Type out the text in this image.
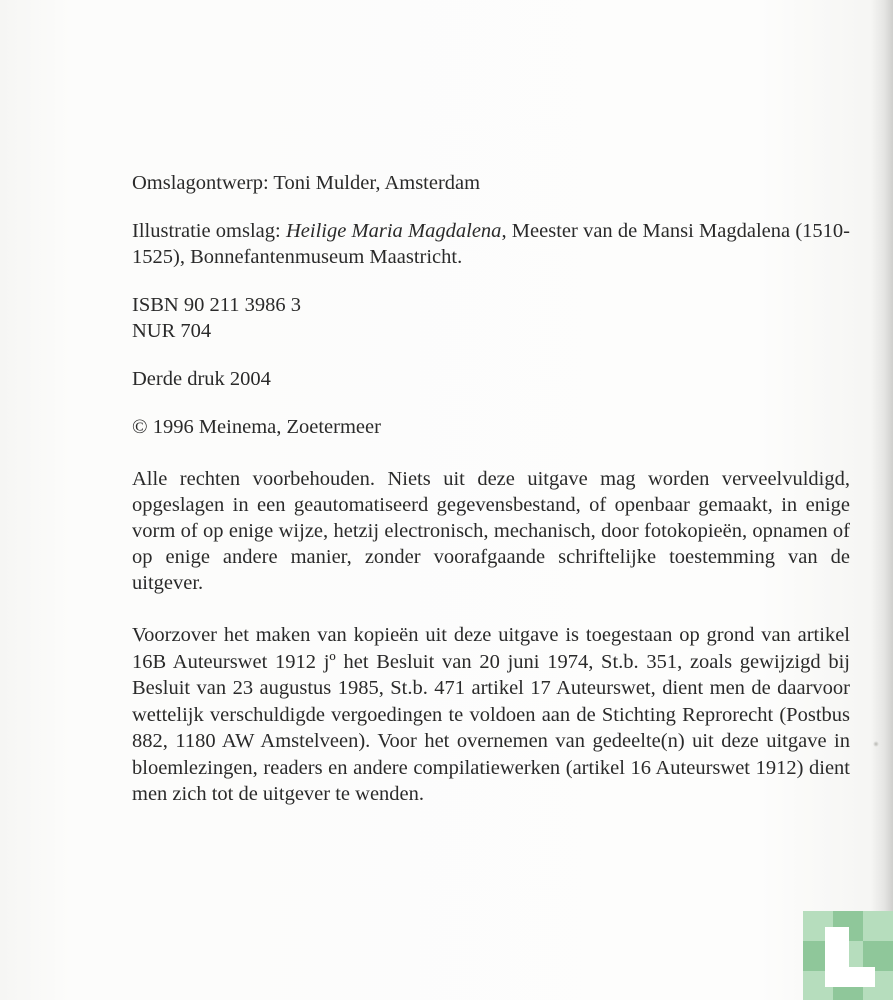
Omslagontwerp: Toni Mulder, Amsterdam

Illustratie omslag: Heilige Maria Magdalena, Meester van de Mansi Magdalena (1510-1525), Bonnefantenmuseum Maastricht.

ISBN 90 211 3986 3
NUR 704

Derde druk 2004

© 1996 Meinema, Zoetermeer

Alle rechten voorbehouden. Niets uit deze uitgave mag worden verveelvuldigd, opgeslagen in een geautomatiseerd gegevensbestand, of openbaar gemaakt, in enige vorm of op enige wijze, hetzij electronisch, mechanisch, door fotokopieën, opnamen of op enige andere manier, zonder voorafgaande schriftelijke toestemming van de uitgever.

Voorzover het maken van kopieën uit deze uitgave is toegestaan op grond van artikel 16B Auteurswet 1912 jº het Besluit van 20 juni 1974, St.b. 351, zoals gewijzigd bij Besluit van 23 augustus 1985, St.b. 471 artikel 17 Auteurswet, dient men de daarvoor wettelijk verschuldigde vergoedingen te voldoen aan de Stichting Reprorecht (Postbus 882, 1180 AW Amstelveen). Voor het overnemen van gedeelte(n) uit deze uitgave in bloemlezingen, readers en andere compilatiewerken (artikel 16 Auteurswet 1912) dient men zich tot de uitgever te wenden.
